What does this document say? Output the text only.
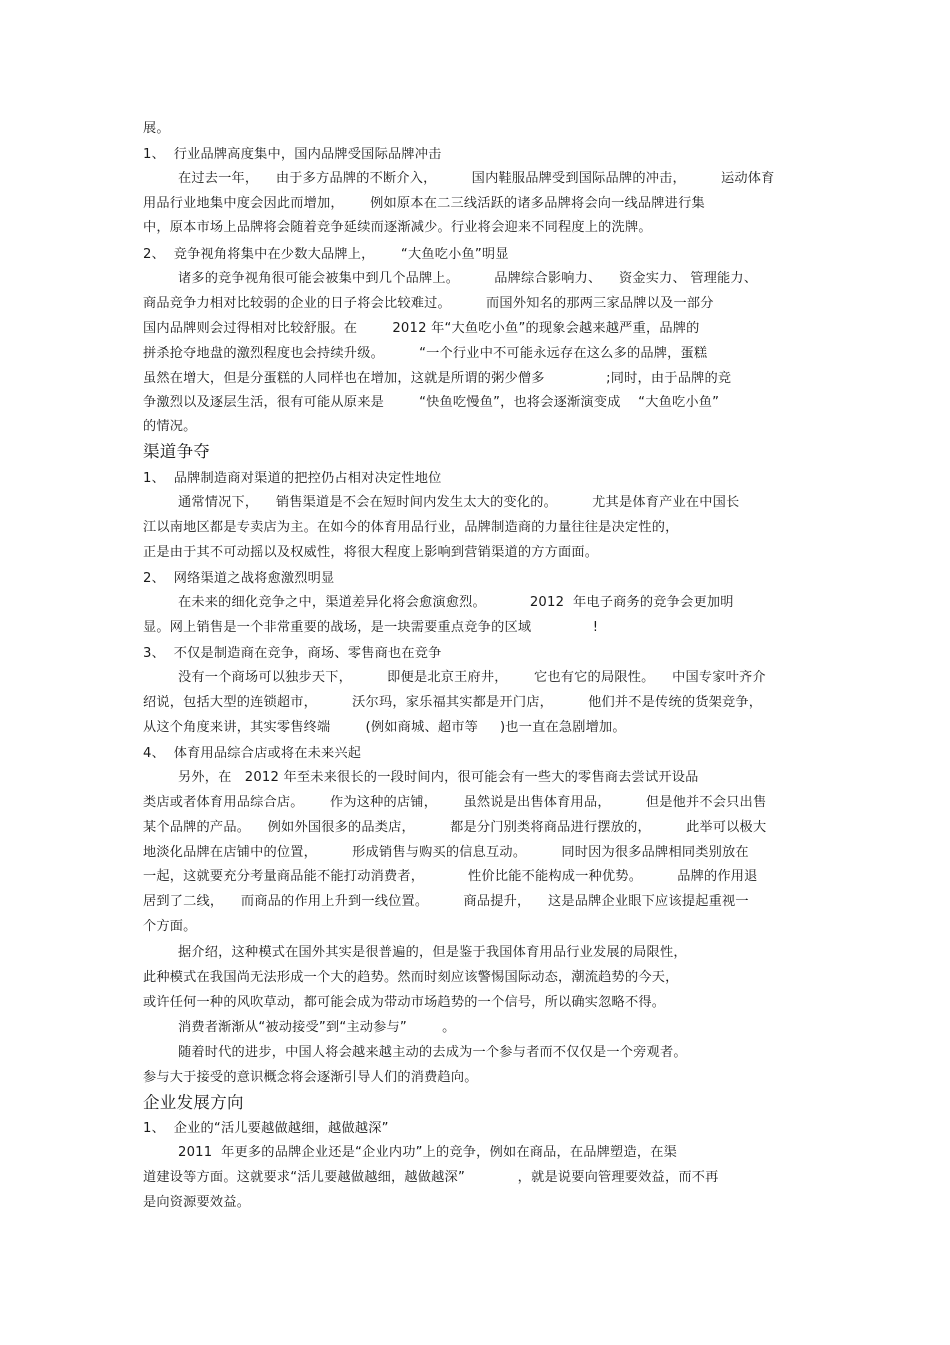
展。

1、  行业品牌高度集中，国内品牌受国际品牌冲击

在过去一年，    由于多方品牌的不断介入，        国内鞋服品牌受到国际品牌的冲击，        运动体育

用品行业地集中度会因此而增加，      例如原本在二三线活跃的诸多品牌将会向一线品牌进行集

中，原本市场上品牌将会随着竞争延续而逐渐减少。行业将会迎来不同程度上的洗牌。

2、  竞争视角将集中在少数大品牌上，      “大鱼吃小鱼”明显

诸多的竞争视角很可能会被集中到几个品牌上。        品牌综合影响力、    资金实力、 管理能力、

商品竞争力相对比较弱的企业的日子将会比较难过。        而国外知名的那两三家品牌以及一部分

国内品牌则会过得相对比较舒服。在        2012 年“大鱼吃小鱼”的现象会越来越严重，品牌的

拼杀抢夺地盘的激烈程度也会持续升级。        “一个行业中不可能永远存在这么多的品牌，蛋糕

虽然在增大，但是分蛋糕的人同样也在增加，这就是所谓的粥少僧多              ;同时，由于品牌的竞

争激烈以及逐层生活，很有可能从原来是        “快鱼吃慢鱼”，也将会逐渐演变成    “大鱼吃小鱼”

的情况。

渠道争夺

1、  品牌制造商对渠道的把控仍占相对决定性地位

通常情况下，    销售渠道是不会在短时间内发生太大的变化的。        尤其是体育产业在中国长

江以南地区都是专卖店为主。在如今的体育用品行业，品牌制造商的力量往往是决定性的，

正是由于其不可动摇以及权威性，将很大程度上影响到营销渠道的方方面面。

2、  网络渠道之战将愈激烈明显

在未来的细化竞争之中，渠道差异化将会愈演愈烈。          2012  年电子商务的竞争会更加明

显。网上销售是一个非常重要的战场，是一块需要重点竞争的区域              !

3、  不仅是制造商在竞争，商场、零售商也在竞争

没有一个商场可以独步天下，        即便是北京王府井，      它也有它的局限性。    中国专家叶齐介

绍说，包括大型的连锁超市，        沃尔玛，家乐福其实都是开门店，        他们并不是传统的货架竞争，

从这个角度来讲，其实零售终端        (例如商城、超市等     )也一直在急剧增加。

4、  体育用品综合店或将在未来兴起

另外，在   2012 年至未来很长的一段时间内，很可能会有一些大的零售商去尝试开设品

类店或者体育用品综合店。      作为这种的店铺，      虽然说是出售体育用品，        但是他并不会只出售

某个品牌的产品。    例如外国很多的品类店，        都是分门别类将商品进行摆放的，        此举可以极大

地淡化品牌在店铺中的位置，        形成销售与购买的信息互动。        同时因为很多品牌相同类别放在

一起，这就要充分考量商品能不能打动消费者，          性价比能不能构成一种优势。        品牌的作用退

居到了二线，    而商品的作用上升到一线位置。        商品提升，    这是品牌企业眼下应该提起重视一

个方面。

据介绍，这种模式在国外其实是很普遍的，但是鉴于我国体育用品行业发展的局限性，

此种模式在我国尚无法形成一个大的趋势。然而时刻应该警惕国际动态，潮流趋势的今天，

或许任何一种的风吹草动，都可能会成为带动市场趋势的一个信号，所以确实忽略不得。

消费者渐渐从“被动接受”到“主动参与”        。

随着时代的进步，中国人将会越来越主动的去成为一个参与者而不仅仅是一个旁观者。

参与大于接受的意识概念将会逐渐引导人们的消费趋向。

企业发展方向

1、  企业的“活儿要越做越细，越做越深”

2011  年更多的品牌企业还是“企业内功”上的竞争，例如在商品，在品牌塑造，在渠

道建设等方面。这就要求“活儿要越做越细，越做越深”            ，就是说要向管理要效益，而不再

是向资源要效益。
